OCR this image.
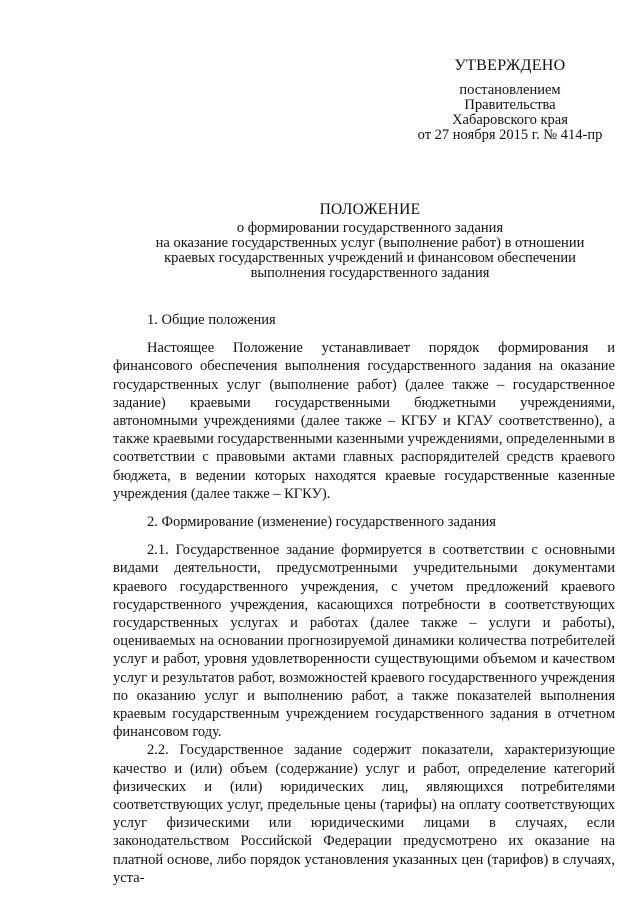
УТВЕРЖДЕНО
постановлением
Правительства
Хабаровского края
от 27 ноября 2015 г. № 414-пр
ПОЛОЖЕНИЕ
о формировании государственного задания
на оказание государственных услуг (выполнение работ) в отношении
краевых государственных учреждений и финансовом обеспечении
выполнения государственного задания

1. Общие положения

Настоящее Положение устанавливает порядок формирования и финансового обеспечения выполнения государственного задания на оказание государственных услуг (выполнение работ) (далее также – государственное задание) краевыми государственными бюджетными учреждениями, автономными учреждениями (далее также – КГБУ и КГАУ соответственно), а также краевыми государственными казенными учреждениями, определенными в соответствии с правовыми актами главных распорядителей средств краевого бюджета, в ведении которых находятся краевые государственные казенные учреждения (далее также – КГКУ).

2. Формирование (изменение) государственного задания

2.1. Государственное задание формируется в соответствии с основными видами деятельности, предусмотренными учредительными документами краевого государственного учреждения, с учетом предложений краевого государственного учреждения, касающихся потребности в соответствующих государственных услугах и работах (далее также – услуги и работы), оцениваемых на основании прогнозируемой динамики количества потребителей услуг и работ, уровня удовлетворенности существующими объемом и качеством услуг и результатов работ, возможностей краевого государственного учреждения по оказанию услуг и выполнению работ, а также показателей выполнения краевым государственным учреждением государственного задания в отчетном финансовом году.

2.2. Государственное задание содержит показатели, характеризующие качество и (или) объем (содержание) услуг и работ, определение категорий физических и (или) юридических лиц, являющихся потребителями соответствующих услуг, предельные цены (тарифы) на оплату соответствующих услуг физическими или юридическими лицами в случаях, если законодательством Российской Федерации предусмотрено их оказание на платной основе, либо порядок установления указанных цен (тарифов) в случаях, уста-
